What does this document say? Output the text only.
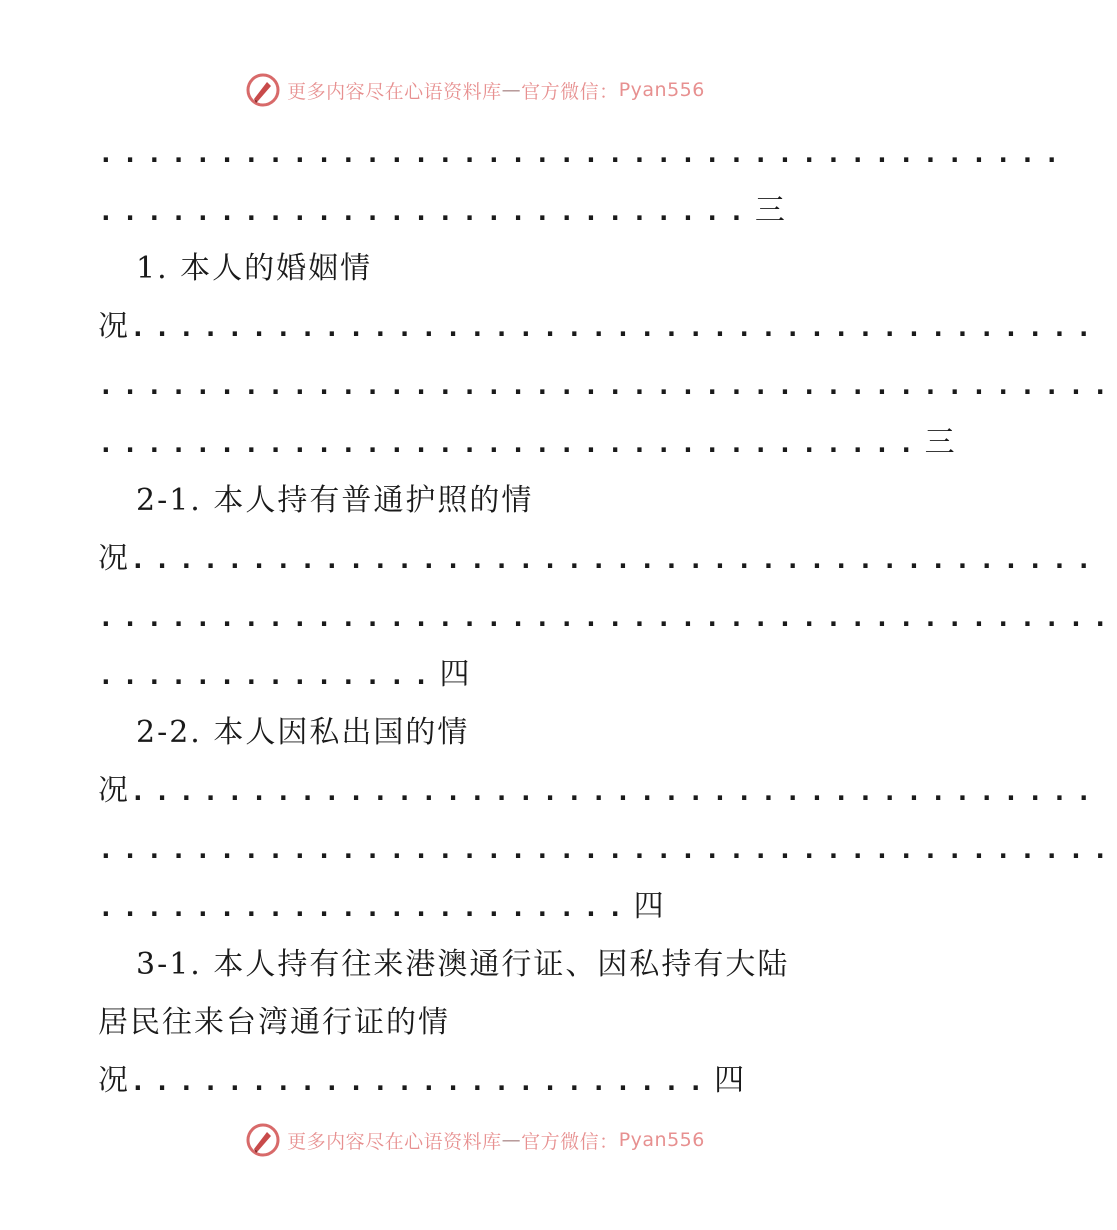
更多内容尽在心语资料库 — 官方微信： Pyan556
........................................
...........................三
1. 本人的婚姻情
况........................................
..........................................
..................................三
2-1. 本人持有普通护照的情
况........................................
..........................................
..............四
2-2. 本人因私出国的情
况........................................
..........................................
......................四
3-1. 本人持有往来港澳通行证、因私持有大陆
居民往来台湾通行证的情
况........................四
更多内容尽在心语资料库 — 官方微信： Pyan556
